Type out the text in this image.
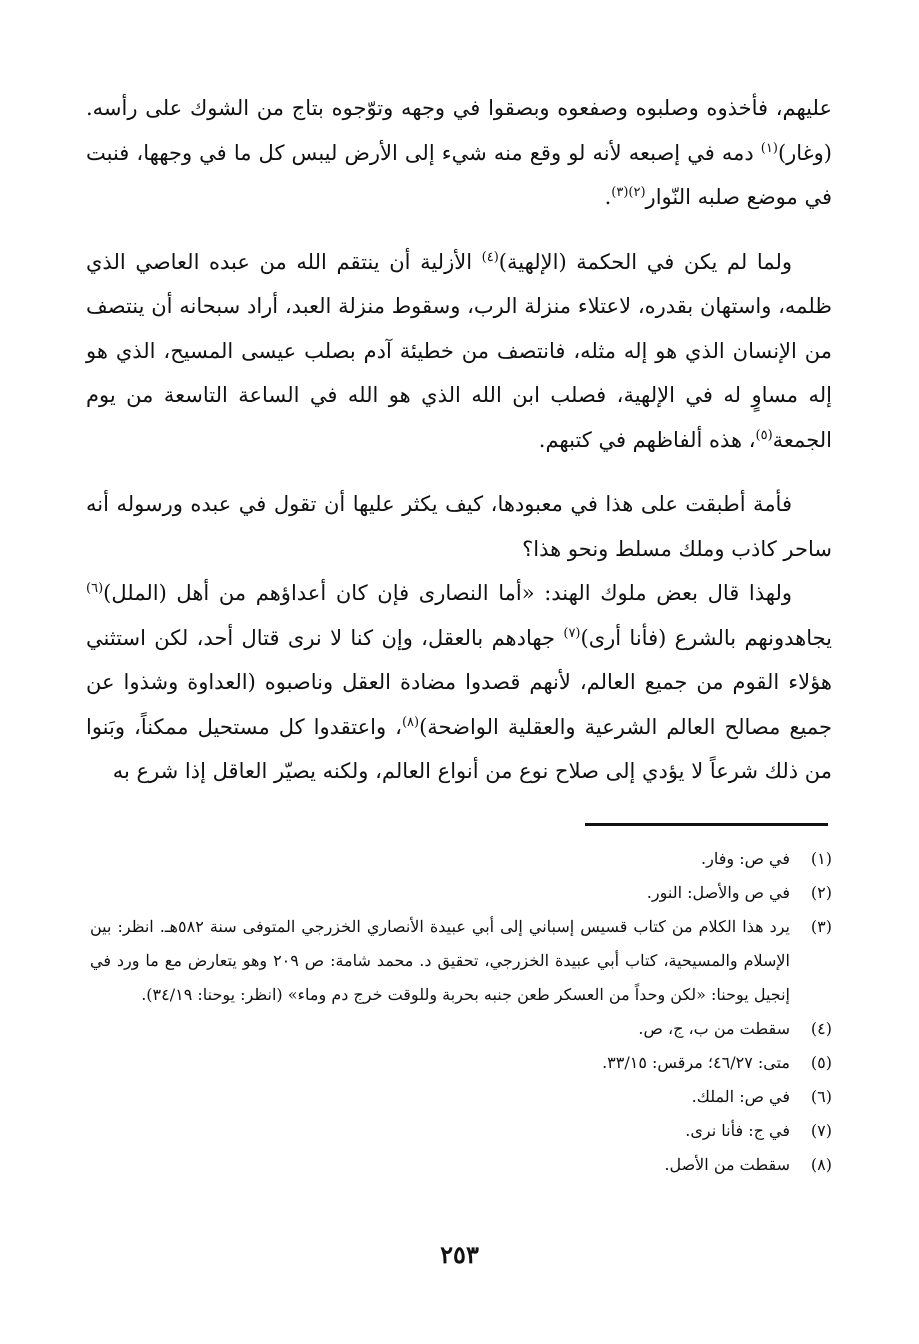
عليهم، فأخذوه وصلبوه وصفعوه وبصقوا في وجهه وتوّجوه بتاج من الشوك على رأسه. (وغار)$^{(١)}$ دمه في إصبعه لأنه لو وقع منه شيء إلى الأرض ليبس كل ما في وجهها، فنبت في موضع صلبه النّوار$^{(٢)(٣)}$.

ولما لم يكن في الحكمة (الإلهية)$^{(٤)}$ الأزلية أن ينتقم الله من عبده العاصي الذي ظلمه، واستهان بقدره، لاعتلاء منزلة الرب، وسقوط منزلة العبد، أراد سبحانه أن ينتصف من الإنسان الذي هو إله مثله، فانتصف من خطيئة آدم بصلب عيسى المسيح، الذي هو إله مساوٍ له في الإلهية، فصلب ابن الله الذي هو الله في الساعة التاسعة من يوم الجمعة$^{(٥)}$، هذه ألفاظهم في كتبهم.

فأمة أطبقت على هذا في معبودها، كيف يكثر عليها أن تقول في عبده ورسوله أنه ساحر كاذب وملك مسلط ونحو هذا؟

ولهذا قال بعض ملوك الهند: «أما النصارى فإن كان أعداؤهم من أهل (الملل)$^{(٦)}$ يجاهدونهم بالشرع (فأنا أرى)$^{(٧)}$ جهادهم بالعقل، وإن كنا لا نرى قتال أحد، لكن استثني هؤلاء القوم من جميع العالم، لأنهم قصدوا مضادة العقل وناصبوه (العداوة وشذوا عن جميع مصالح العالم الشرعية والعقلية الواضحة)$^{(٨)}$، واعتقدوا كل مستحيل ممكناً، وبَنوا من ذلك شرعاً لا يؤدي إلى صلاح نوع من أنواع العالم، ولكنه يصيّر العاقل إذا شرع به

(١)
في ص: وفار.
(٢)
في ص والأصل: النور.
(٣)
يرد هذا الكلام من كتاب قسيس إسباني إلى أبي عبيدة الأنصاري الخزرجي المتوفى سنة ٥٨٢هـ. انظر: بين الإسلام والمسيحية، كتاب أبي عبيدة الخزرجي، تحقيق د. محمد شامة: ص ٢٠٩ وهو يتعارض مع ما ورد في إنجيل يوحنا: «لكن وحداً من العسكر طعن جنبه بحربة وللوقت خرج دم وماء» (انظر: يوحنا: ٣٤/١٩).
(٤)
سقطت من ب، ج، ص.
(٥)
متى: ٤٦/٢٧؛ مرقس: ٣٣/١٥.
(٦)
في ص: الملك.
(٧)
في ج: فأنا نرى.
(٨)
سقطت من الأصل.
٢٥٣
